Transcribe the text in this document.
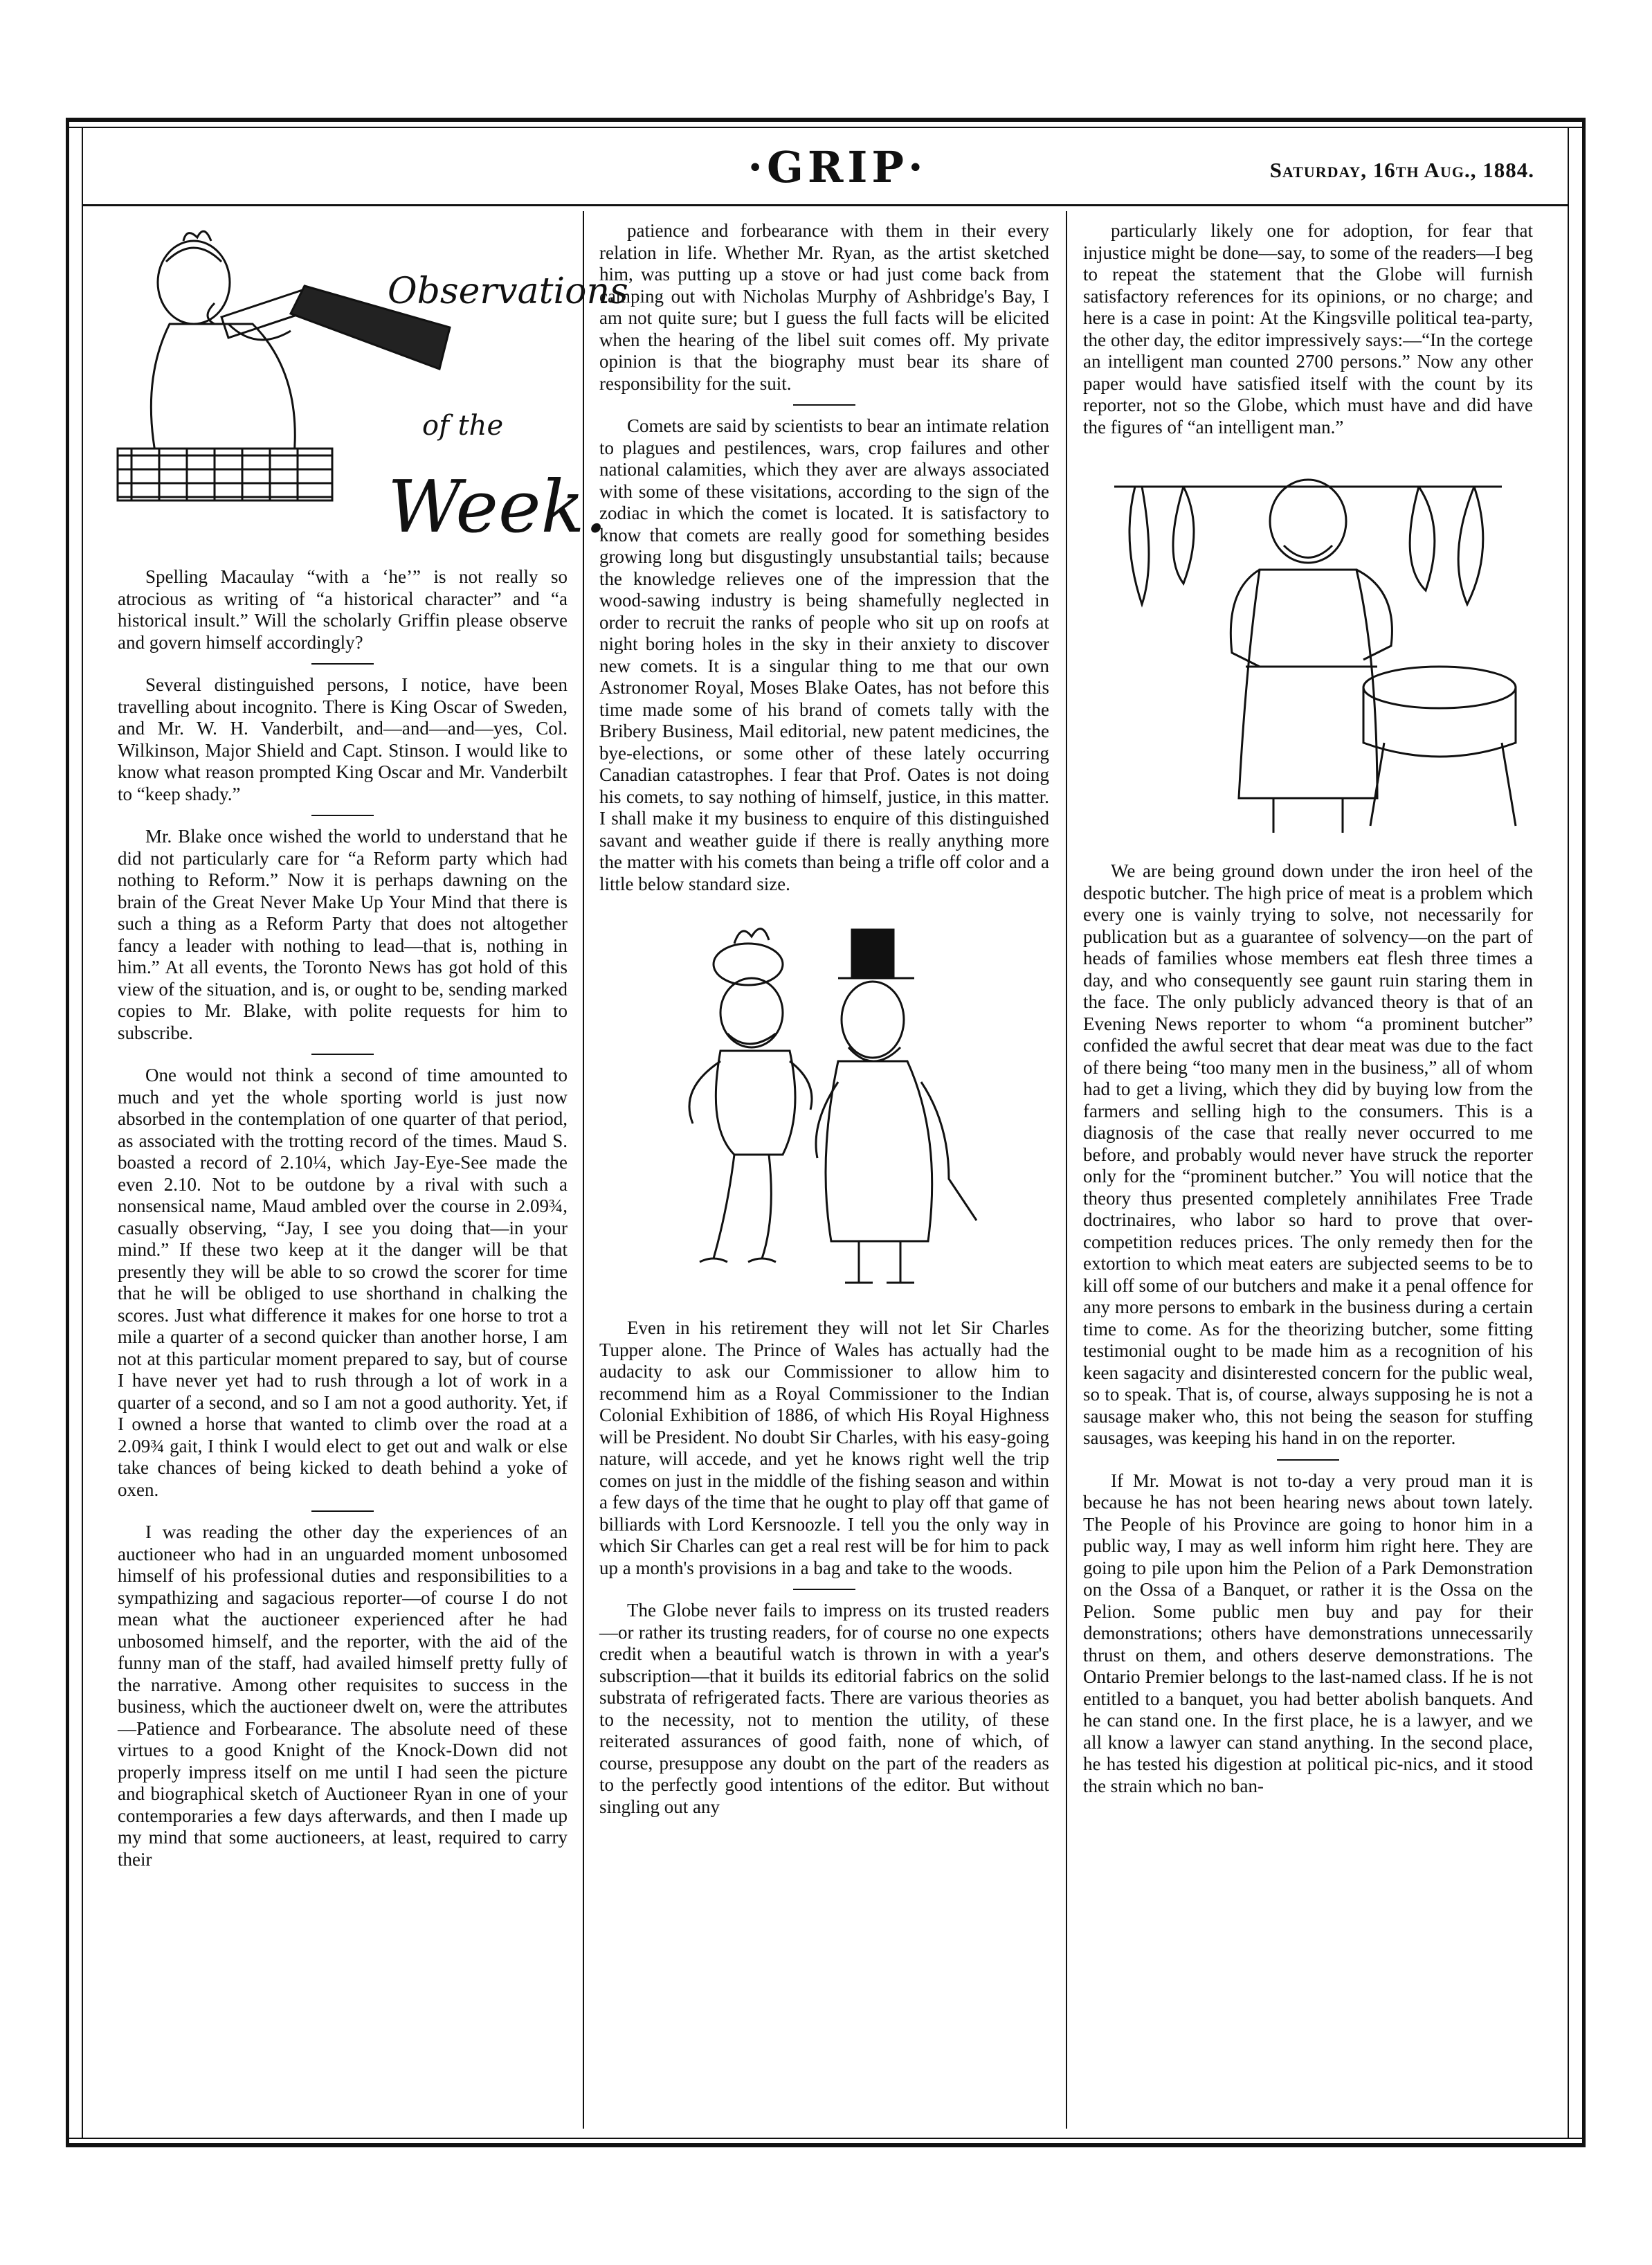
·GRIP·	Saturday, 16th Aug., 1884.
Observations
of the
Week.

Spelling Macaulay “with a ‘he’” is not really so atrocious as writing of “a historical character” and “a historical insult.” Will the scholarly Griffin please observe and govern himself accordingly?

Several distinguished persons, I notice, have been travelling about incognito. There is King Oscar of Sweden, and Mr. W. H. Vanderbilt, and—and—and—yes, Col. Wilkinson, Major Shield and Capt. Stinson. I would like to know what reason prompted King Oscar and Mr. Vanderbilt to “keep shady.”

Mr. Blake once wished the world to understand that he did not particularly care for “a Reform party which had nothing to Reform.” Now it is perhaps dawning on the brain of the Great Never Make Up Your Mind that there is such a thing as a Reform Party that does not altogether fancy a leader with nothing to lead—that is, nothing in him.” At all events, the Toronto News has got hold of this view of the situation, and is, or ought to be, sending marked copies to Mr. Blake, with polite requests for him to subscribe.

One would not think a second of time amounted to much and yet the whole sporting world is just now absorbed in the contemplation of one quarter of that period, as associated with the trotting record of the times. Maud S. boasted a record of 2.10¼, which Jay-Eye-See made the even 2.10. Not to be outdone by a rival with such a nonsensical name, Maud ambled over the course in 2.09¾, casually observing, “Jay, I see you doing that—in your mind.” If these two keep at it the danger will be that presently they will be able to so crowd the scorer for time that he will be obliged to use shorthand in chalking the scores. Just what difference it makes for one horse to trot a mile a quarter of a second quicker than another horse, I am not at this particular moment prepared to say, but of course I have never yet had to rush through a lot of work in a quarter of a second, and so I am not a good authority. Yet, if I owned a horse that wanted to climb over the road at a 2.09¾ gait, I think I would elect to get out and walk or else take chances of being kicked to death behind a yoke of oxen.

I was reading the other day the experiences of an auctioneer who had in an unguarded moment unbosomed himself of his professional duties and responsibilities to a sympathizing and sagacious reporter—of course I do not mean what the auctioneer experienced after he had unbosomed himself, and the reporter, with the aid of the funny man of the staff, had availed himself pretty fully of the narrative. Among other requisites to success in the business, which the auctioneer dwelt on, were the attributes—Patience and Forbearance. The absolute need of these virtues to a good Knight of the Knock-Down did not properly impress itself on me until I had seen the picture and biographical sketch of Auctioneer Ryan in one of your contemporaries a few days afterwards, and then I made up my mind that some auctioneers, at least, required to carry their

patience and forbearance with them in their every relation in life. Whether Mr. Ryan, as the artist sketched him, was putting up a stove or had just come back from camping out with Nicholas Murphy of Ashbridge's Bay, I am not quite sure; but I guess the full facts will be elicited when the hearing of the libel suit comes off. My private opinion is that the biography must bear its share of responsibility for the suit.

Comets are said by scientists to bear an intimate relation to plagues and pestilences, wars, crop failures and other national calamities, which they aver are always associated with some of these visitations, according to the sign of the zodiac in which the comet is located. It is satisfactory to know that comets are really good for something besides growing long but disgustingly unsubstantial tails; because the knowledge relieves one of the impression that the wood-sawing industry is being shamefully neglected in order to recruit the ranks of people who sit up on roofs at night boring holes in the sky in their anxiety to discover new comets. It is a singular thing to me that our own Astronomer Royal, Moses Blake Oates, has not before this time made some of his brand of comets tally with the Bribery Business, Mail editorial, new patent medicines, the bye-elections, or some other of these lately occurring Canadian catastrophes. I fear that Prof. Oates is not doing his comets, to say nothing of himself, justice, in this matter. I shall make it my business to enquire of this distinguished savant and weather guide if there is really anything more the matter with his comets than being a trifle off color and a little below standard size.

Even in his retirement they will not let Sir Charles Tupper alone. The Prince of Wales has actually had the audacity to ask our Commissioner to allow him to recommend him as a Royal Commissioner to the Indian Colonial Exhibition of 1886, of which His Royal Highness will be President. No doubt Sir Charles, with his easy-going nature, will accede, and yet he knows right well the trip comes on just in the middle of the fishing season and within a few days of the time that he ought to play off that game of billiards with Lord Kersnoozle. I tell you the only way in which Sir Charles can get a real rest will be for him to pack up a month's provisions in a bag and take to the woods.

The Globe never fails to impress on its trusted readers—or rather its trusting readers, for of course no one expects credit when a beautiful watch is thrown in with a year's subscription—that it builds its editorial fabrics on the solid substrata of refrigerated facts. There are various theories as to the necessity, not to mention the utility, of these reiterated assurances of good faith, none of which, of course, presuppose any doubt on the part of the readers as to the perfectly good intentions of the editor. But without singling out any

particularly likely one for adoption, for fear that injustice might be done—say, to some of the readers—I beg to repeat the statement that the Globe will furnish satisfactory references for its opinions, or no charge; and here is a case in point: At the Kingsville political tea-party, the other day, the editor impressively says:—“In the cortege an intelligent man counted 2700 persons.” Now any other paper would have satisfied itself with the count by its reporter, not so the Globe, which must have and did have the figures of “an intelligent man.”

We are being ground down under the iron heel of the despotic butcher. The high price of meat is a problem which every one is vainly trying to solve, not necessarily for publication but as a guarantee of solvency—on the part of heads of families whose members eat flesh three times a day, and who consequently see gaunt ruin staring them in the face. The only publicly advanced theory is that of an Evening News reporter to whom “a prominent butcher” confided the awful secret that dear meat was due to the fact of there being “too many men in the business,” all of whom had to get a living, which they did by buying low from the farmers and selling high to the consumers. This is a diagnosis of the case that really never occurred to me before, and probably would never have struck the reporter only for the “prominent butcher.” You will notice that the theory thus presented completely annihilates Free Trade doctrinaires, who labor so hard to prove that over-competition reduces prices. The only remedy then for the extortion to which meat eaters are subjected seems to be to kill off some of our butchers and make it a penal offence for any more persons to embark in the business during a certain time to come. As for the theorizing butcher, some fitting testimonial ought to be made him as a recognition of his keen sagacity and disinterested concern for the public weal, so to speak. That is, of course, always supposing he is not a sausage maker who, this not being the season for stuffing sausages, was keeping his hand in on the reporter.

If Mr. Mowat is not to-day a very proud man it is because he has not been hearing news about town lately. The People of his Province are going to honor him in a public way, I may as well inform him right here. They are going to pile upon him the Pelion of a Park Demonstration on the Ossa of a Banquet, or rather it is the Ossa on the Pelion. Some public men buy and pay for their demonstrations; others have demonstrations unnecessarily thrust on them, and others deserve demonstrations. The Ontario Premier belongs to the last-named class. If he is not entitled to a banquet, you had better abolish banquets. And he can stand one. In the first place, he is a lawyer, and we all know a lawyer can stand anything. In the second place, he has tested his digestion at political pic-nics, and it stood the strain which no ban-
